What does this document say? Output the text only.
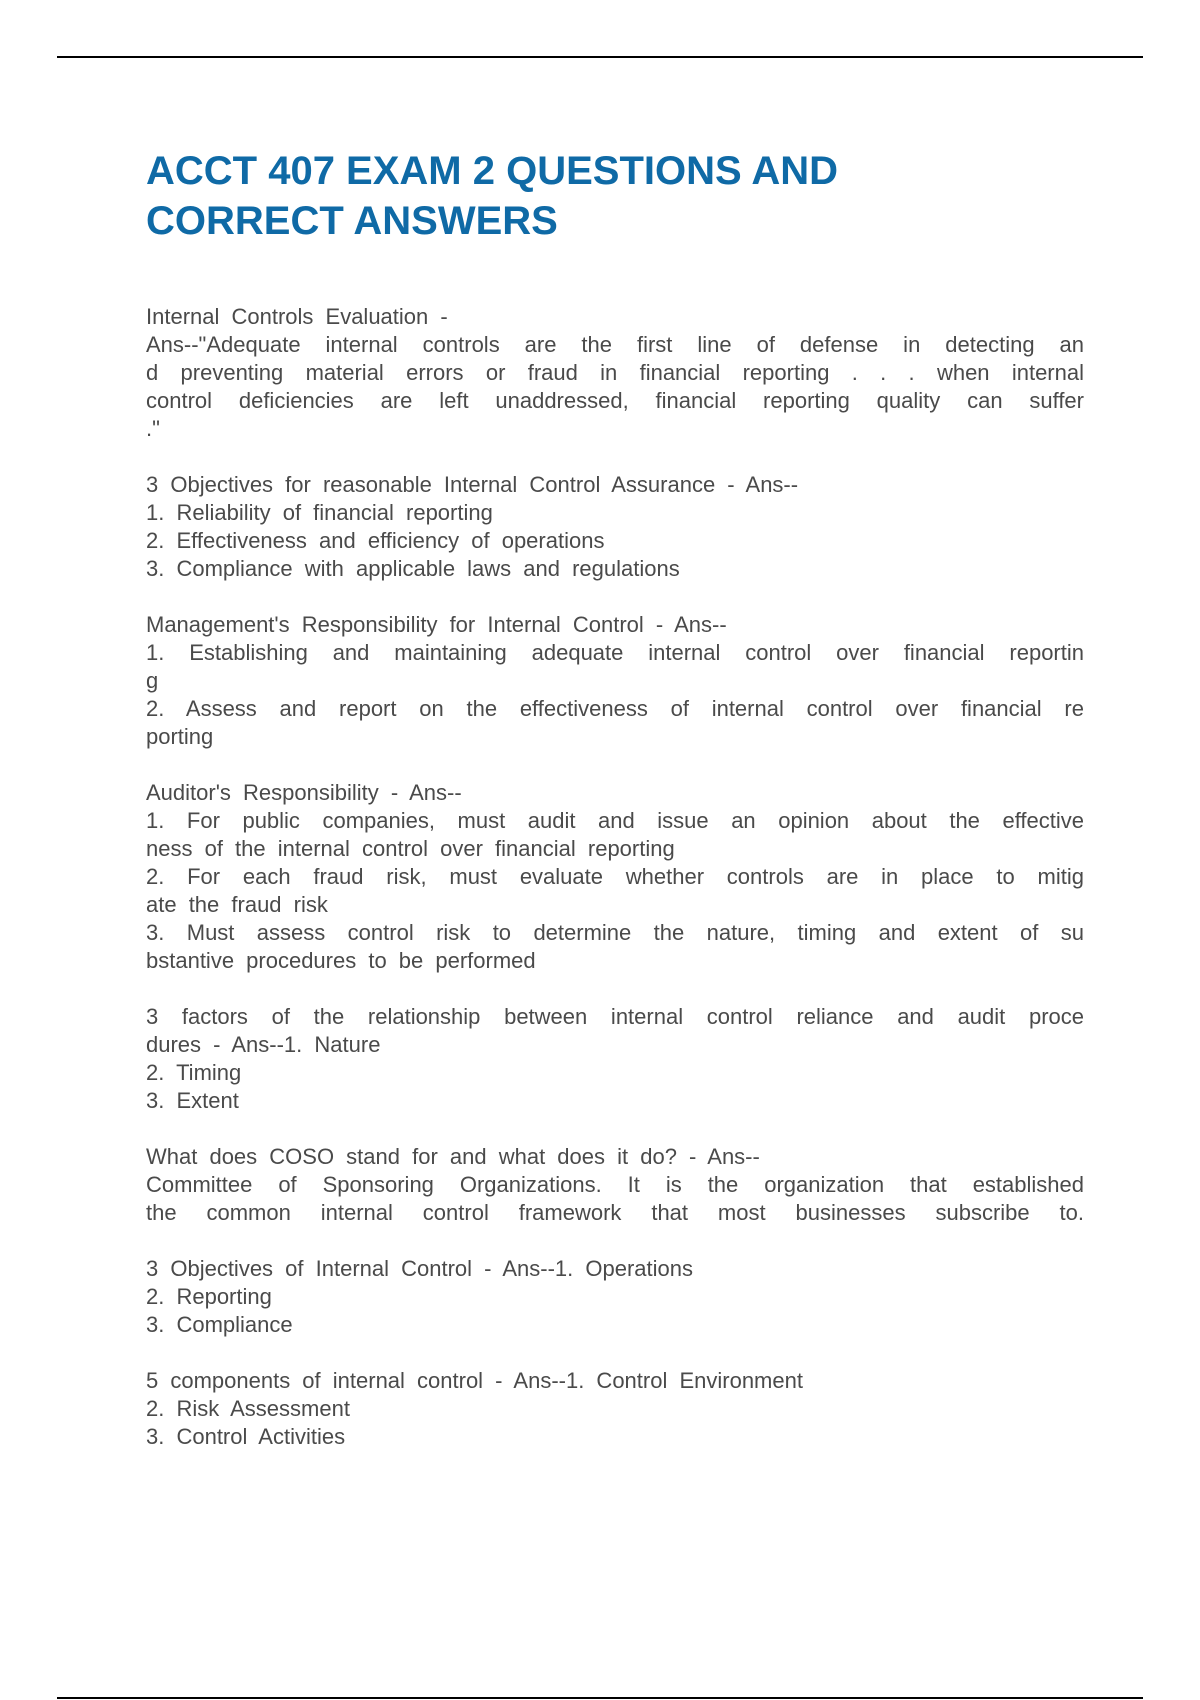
ACCT 407 EXAM 2 QUESTIONS AND
CORRECT ANSWERS
Internal Controls Evaluation -
Ans--"Adequate internal controls are the first line of defense in detecting an
d preventing material errors or fraud in financial reporting . . . when internal
control deficiencies are left unaddressed, financial reporting quality can suffer
."
3 Objectives for reasonable Internal Control Assurance - Ans--
1. Reliability of financial reporting
2. Effectiveness and efficiency of operations
3. Compliance with applicable laws and regulations
Management's Responsibility for Internal Control - Ans--
1. Establishing and maintaining adequate internal control over financial reportin
g
2. Assess and report on the effectiveness of internal control over financial re
porting
Auditor's Responsibility - Ans--
1. For public companies, must audit and issue an opinion about the effective
ness of the internal control over financial reporting
2. For each fraud risk, must evaluate whether controls are in place to mitig
ate the fraud risk
3. Must assess control risk to determine the nature, timing and extent of su
bstantive procedures to be performed
3 factors of the relationship between internal control reliance and audit proce
dures - Ans--1. Nature
2. Timing
3. Extent
What does COSO stand for and what does it do? - Ans--
Committee of Sponsoring Organizations. It is the organization that established
the common internal control framework that most businesses subscribe to.
3 Objectives of Internal Control - Ans--1. Operations
2. Reporting
3. Compliance
5 components of internal control - Ans--1. Control Environment
2. Risk Assessment
3. Control Activities
